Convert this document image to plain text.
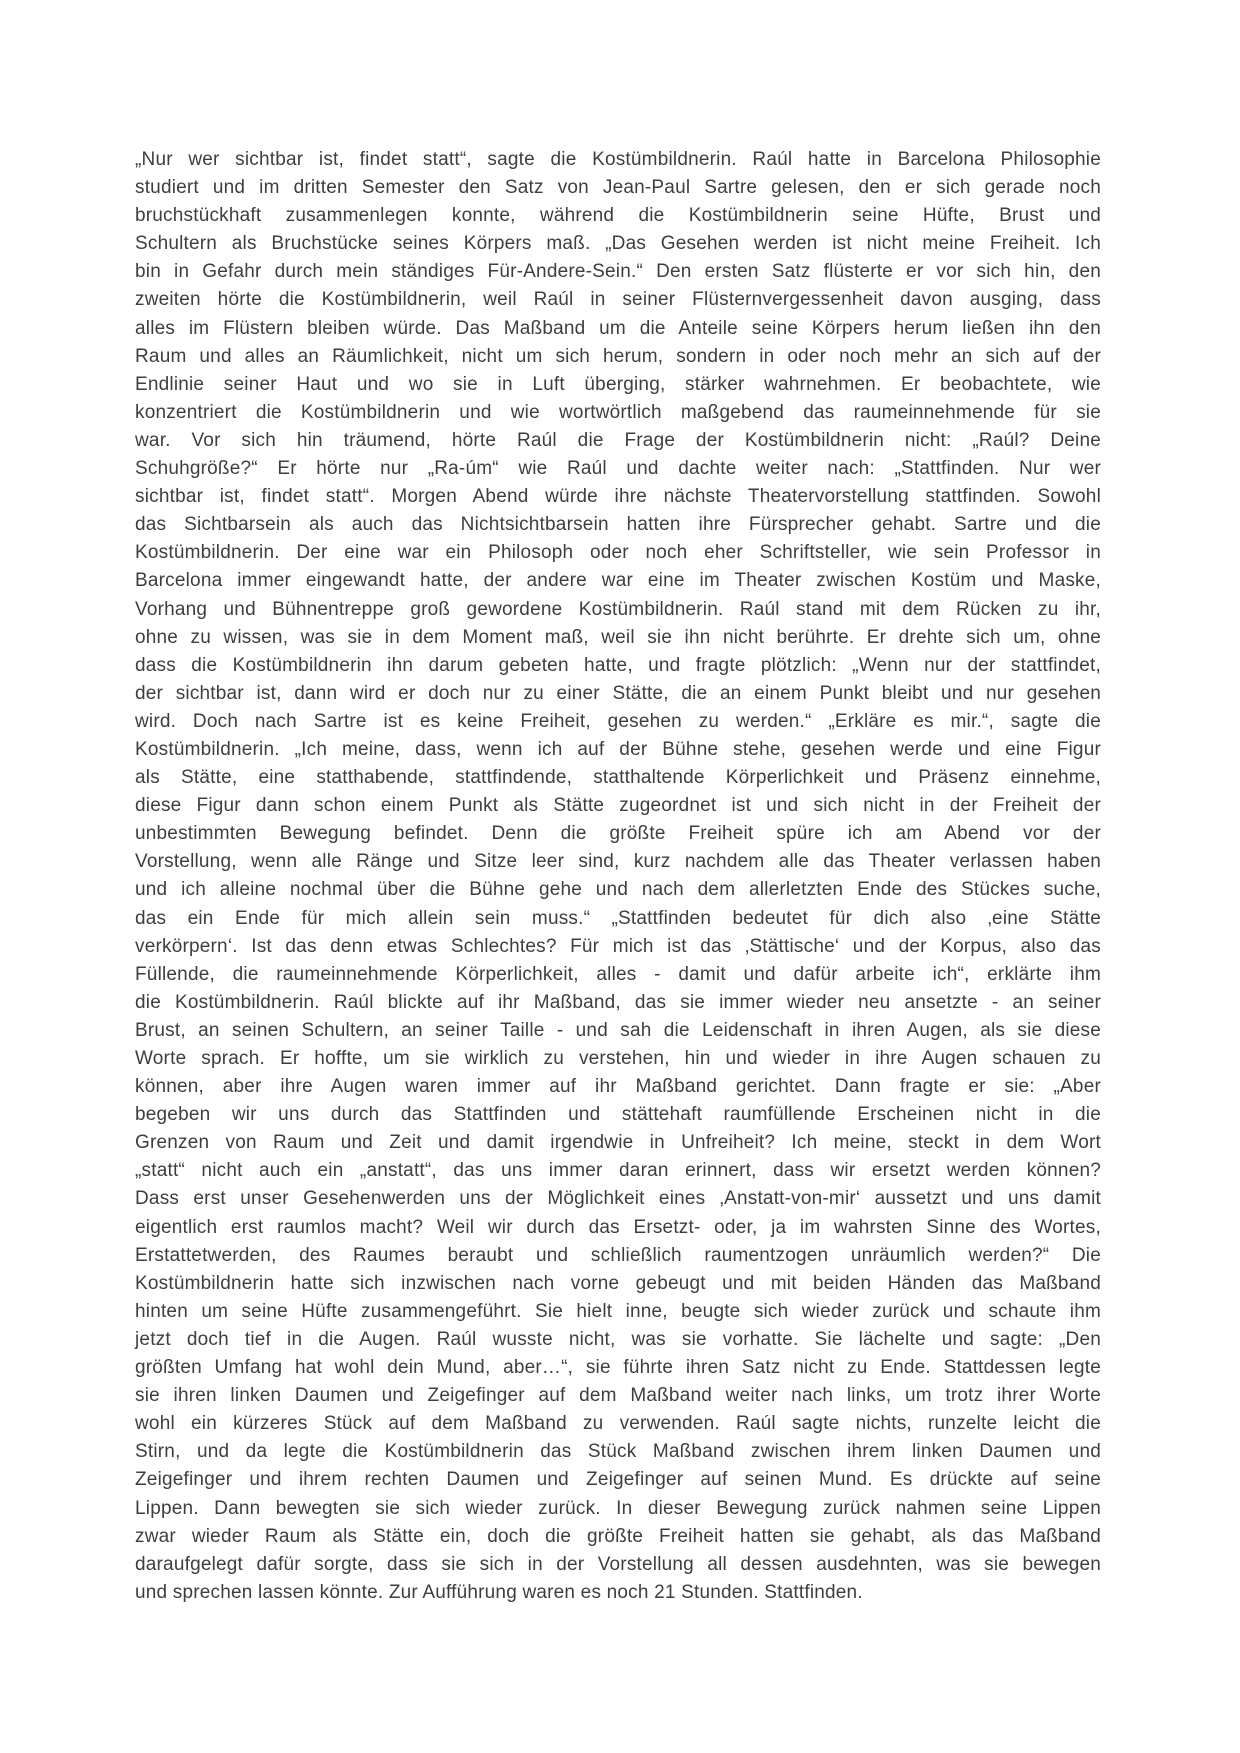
„Nur wer sichtbar ist, findet statt“, sagte die Kostümbildnerin. Raúl hatte in Barcelona Philosophie
studiert und im dritten Semester den Satz von Jean-Paul Sartre gelesen, den er sich gerade noch
bruchstückhaft zusammenlegen konnte, während die Kostümbildnerin seine Hüfte, Brust und
Schultern als Bruchstücke seines Körpers maß. „Das Gesehen werden ist nicht meine Freiheit. Ich
bin in Gefahr durch mein ständiges Für-Andere-Sein.“ Den ersten Satz flüsterte er vor sich hin, den
zweiten hörte die Kostümbildnerin, weil Raúl in seiner Flüsternvergessenheit davon ausging, dass
alles im Flüstern bleiben würde. Das Maßband um die Anteile seine Körpers herum ließen ihn den
Raum und alles an Räumlichkeit, nicht um sich herum, sondern in oder noch mehr an sich auf der
Endlinie seiner Haut und wo sie in Luft überging, stärker wahrnehmen. Er beobachtete, wie
konzentriert die Kostümbildnerin und wie wortwörtlich maßgebend das raumeinnehmende für sie
war. Vor sich hin träumend, hörte Raúl die Frage der Kostümbildnerin nicht: „Raúl? Deine
Schuhgröße?“ Er hörte nur „Ra-úm“ wie Raúl und dachte weiter nach: „Stattfinden. Nur wer
sichtbar ist, findet statt“. Morgen Abend würde ihre nächste Theatervorstellung stattfinden. Sowohl
das Sichtbarsein als auch das Nichtsichtbarsein hatten ihre Fürsprecher gehabt. Sartre und die
Kostümbildnerin. Der eine war ein Philosoph oder noch eher Schriftsteller, wie sein Professor in
Barcelona immer eingewandt hatte, der andere war eine im Theater zwischen Kostüm und Maske,
Vorhang und Bühnentreppe groß gewordene Kostümbildnerin. Raúl stand mit dem Rücken zu ihr,
ohne zu wissen, was sie in dem Moment maß, weil sie ihn nicht berührte. Er drehte sich um, ohne
dass die Kostümbildnerin ihn darum gebeten hatte, und fragte plötzlich: „Wenn nur der stattfindet,
der sichtbar ist, dann wird er doch nur zu einer Stätte, die an einem Punkt bleibt und nur gesehen
wird. Doch nach Sartre ist es keine Freiheit, gesehen zu werden.“ „Erkläre es mir.“, sagte die
Kostümbildnerin. „Ich meine, dass, wenn ich auf der Bühne stehe, gesehen werde und eine Figur
als Stätte, eine statthabende, stattfindende, statthaltende Körperlichkeit und Präsenz einnehme,
diese Figur dann schon einem Punkt als Stätte zugeordnet ist und sich nicht in der Freiheit der
unbestimmten Bewegung befindet. Denn die größte Freiheit spüre ich am Abend vor der
Vorstellung, wenn alle Ränge und Sitze leer sind, kurz nachdem alle das Theater verlassen haben
und ich alleine nochmal über die Bühne gehe und nach dem allerletzten Ende des Stückes suche,
das ein Ende für mich allein sein muss.“ „Stattfinden bedeutet für dich also ‚eine Stätte
verkörpern‘. Ist das denn etwas Schlechtes? Für mich ist das ‚Stättische‘ und der Korpus, also das
Füllende, die raumeinnehmende Körperlichkeit, alles - damit und dafür arbeite ich“, erklärte ihm
die Kostümbildnerin. Raúl blickte auf ihr Maßband, das sie immer wieder neu ansetzte - an seiner
Brust, an seinen Schultern, an seiner Taille - und sah die Leidenschaft in ihren Augen, als sie diese
Worte sprach. Er hoffte, um sie wirklich zu verstehen, hin und wieder in ihre Augen schauen zu
können, aber ihre Augen waren immer auf ihr Maßband gerichtet. Dann fragte er sie: „Aber
begeben wir uns durch das Stattfinden und stättehaft raumfüllende Erscheinen nicht in die
Grenzen von Raum und Zeit und damit irgendwie in Unfreiheit? Ich meine, steckt in dem Wort
„statt“ nicht auch ein „anstatt“, das uns immer daran erinnert, dass wir ersetzt werden können?
Dass erst unser Gesehenwerden uns der Möglichkeit eines ‚Anstatt-von-mir‘ aussetzt und uns damit
eigentlich erst raumlos macht? Weil wir durch das Ersetzt- oder, ja im wahrsten Sinne des Wortes,
Erstattetwerden, des Raumes beraubt und schließlich raumentzogen unräumlich werden?“ Die
Kostümbildnerin hatte sich inzwischen nach vorne gebeugt und mit beiden Händen das Maßband
hinten um seine Hüfte zusammengeführt. Sie hielt inne, beugte sich wieder zurück und schaute ihm
jetzt doch tief in die Augen. Raúl wusste nicht, was sie vorhatte. Sie lächelte und sagte: „Den
größten Umfang hat wohl dein Mund, aber…“, sie führte ihren Satz nicht zu Ende. Stattdessen legte
sie ihren linken Daumen und Zeigefinger auf dem Maßband weiter nach links, um trotz ihrer Worte
wohl ein kürzeres Stück auf dem Maßband zu verwenden. Raúl sagte nichts, runzelte leicht die
Stirn, und da legte die Kostümbildnerin das Stück Maßband zwischen ihrem linken Daumen und
Zeigefinger und ihrem rechten Daumen und Zeigefinger auf seinen Mund. Es drückte auf seine
Lippen. Dann bewegten sie sich wieder zurück. In dieser Bewegung zurück nahmen seine Lippen
zwar wieder Raum als Stätte ein, doch die größte Freiheit hatten sie gehabt, als das Maßband
daraufgelegt dafür sorgte, dass sie sich in der Vorstellung all dessen ausdehnten, was sie bewegen
und sprechen lassen könnte. Zur Aufführung waren es noch 21 Stunden. Stattfinden.
